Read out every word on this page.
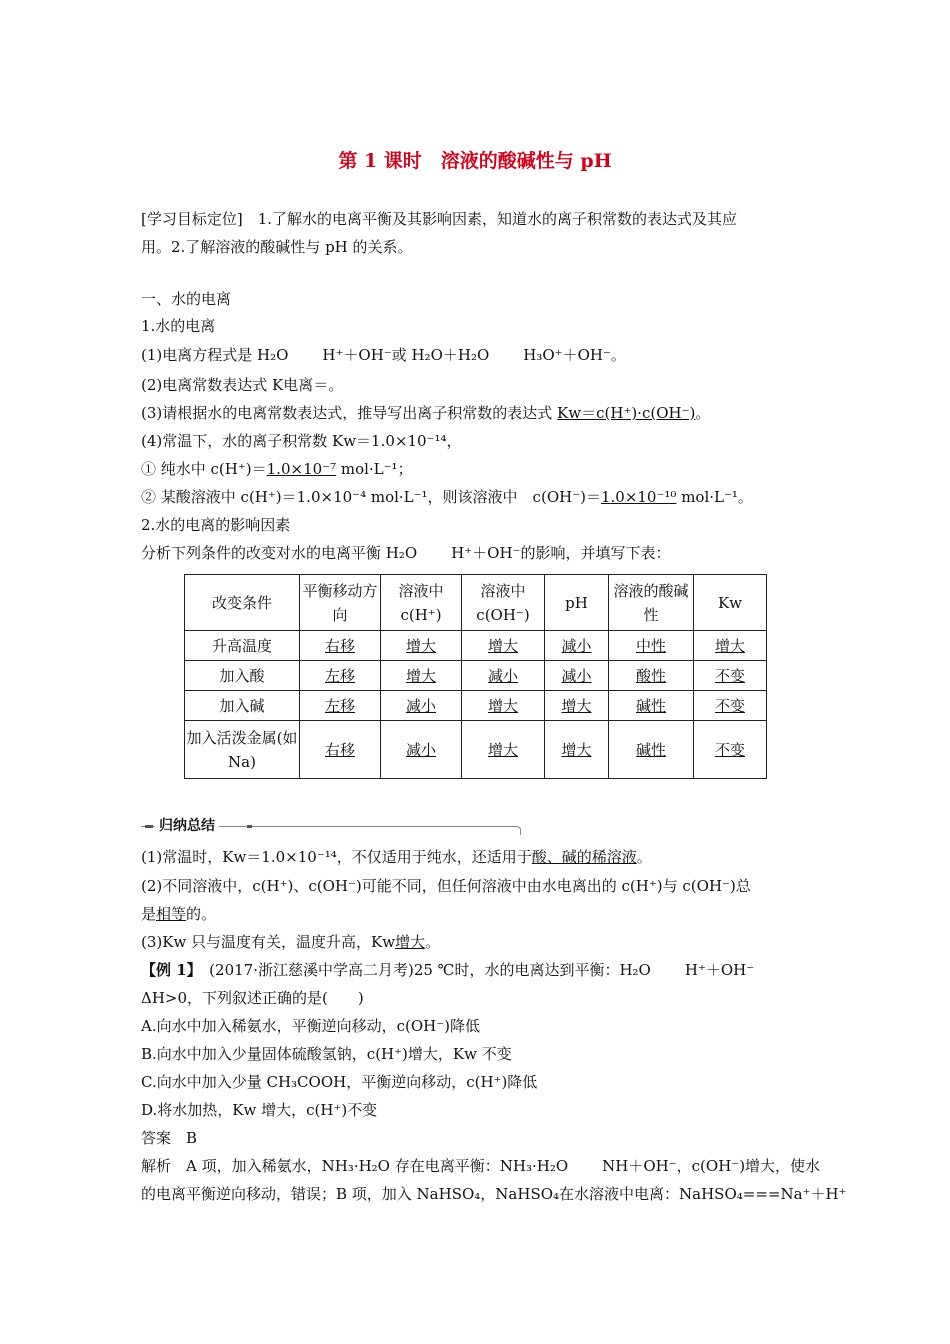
第 1 课时　溶液的酸碱性与 pH
[学习目标定位]　1.了解水的电离平衡及其影响因素，知道水的离子积常数的表达式及其应
用。2.了解溶液的酸碱性与 pH 的关系。
一、水的电离
1.水的电离
(1)电离方程式是 H₂O H⁺＋OH⁻或 H₂O＋H₂O H₃O⁺＋OH⁻。
(2)电离常数表达式 K电离＝。
(3)请根据水的电离常数表达式，推导写出离子积常数的表达式 Kw＝c(H⁺)·c(OH⁻)。
(4)常温下，水的离子积常数 Kw＝1.0×10⁻¹⁴，
① 纯水中 c(H⁺)＝1.0×10⁻⁷ mol·L⁻¹；
② 某酸溶液中 c(H⁺)＝1.0×10⁻⁴ mol·L⁻¹，则该溶液中　c(OH⁻)＝1.0×10⁻¹⁰ mol·L⁻¹。
2.水的电离的影响因素
分析下列条件的改变对水的电离平衡 H₂O H⁺＋OH⁻的影响，并填写下表：
改变条件	平衡移动方向	溶液中c(H⁺)	溶液中c(OH⁻)	pH	溶液的酸碱性	Kw
升高温度	右移	增大	增大	减小	中性	增大
加入酸	左移	增大	减小	减小	酸性	不变
加入碱	左移	减小	增大	增大	碱性	不变
加入活泼金属(如 Na)	右移	减小	增大	增大	碱性	不变
归纳总结
(1)常温时，Kw＝1.0×10⁻¹⁴，不仅适用于纯水，还适用于酸、碱的稀溶液。
(2)不同溶液中，c(H⁺)、c(OH⁻)可能不同，但任何溶液中由水电离出的 c(H⁺)与 c(OH⁻)总
是相等的。
(3)Kw 只与温度有关，温度升高，Kw增大。
【例 1】　(2017·浙江慈溪中学高二月考)25 ℃时，水的电离达到平衡：H₂O H⁺＋OH⁻
ΔH>0，下列叙述正确的是(　　)
A.向水中加入稀氨水，平衡逆向移动，c(OH⁻)降低
B.向水中加入少量固体硫酸氢钠，c(H⁺)增大，Kw 不变
C.向水中加入少量 CH₃COOH，平衡逆向移动，c(H⁺)降低
D.将水加热，Kw 增大，c(H⁺)不变
答案　B
解析　A 项，加入稀氨水，NH₃·H₂O 存在电离平衡：NH₃·H₂O NH＋OH⁻，c(OH⁻)增大，使水
的电离平衡逆向移动，错误；B 项，加入 NaHSO₄，NaHSO₄在水溶液中电离：NaHSO₄===Na⁺＋H⁺
